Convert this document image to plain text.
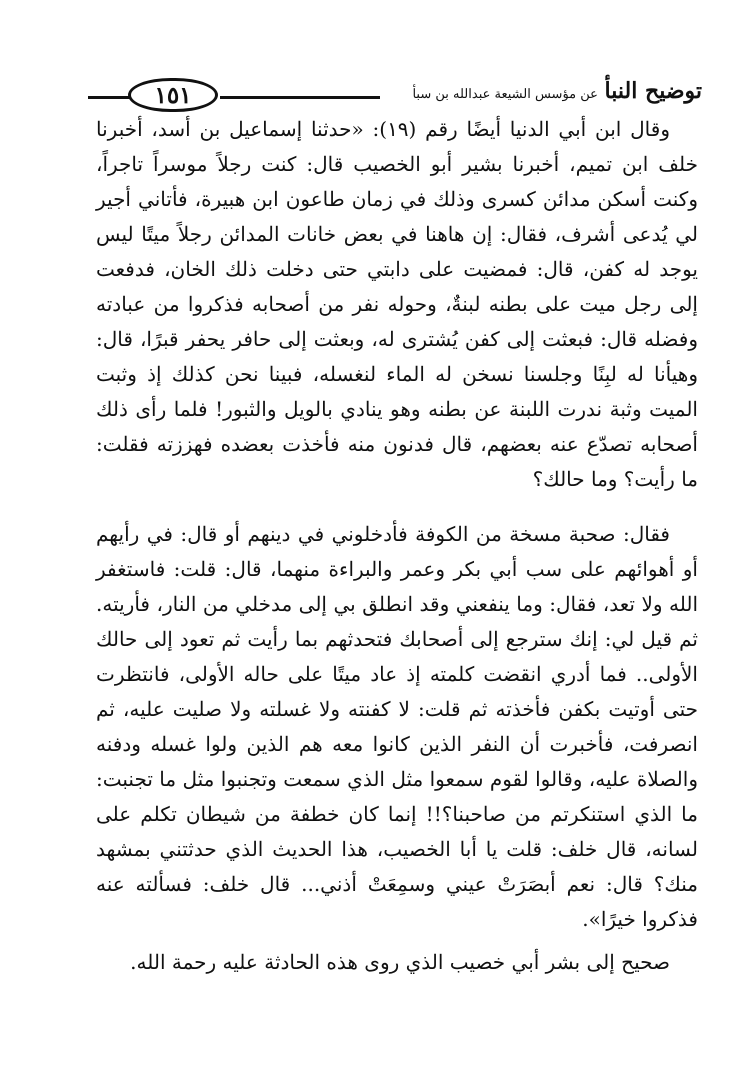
١٥١	توضيح النبأ عن مؤسس الشيعة عبدالله بن سبأ

وقال ابن أبي الدنيا أيضًا رقم (١٩): «حدثنا إسماعيل بن أسد، أخبرنا خلف ابن تميم، أخبرنا بشير أبو الخصيب قال: كنت رجلاً موسراً تاجراً، وكنت أسكن مدائن كسرى وذلك في زمان طاعون ابن هبيرة، فأتاني أجير لي يُدعى أشرف، فقال: إن هاهنا في بعض خانات المدائن رجلاً ميتًا ليس يوجد له كفن، قال: فمضيت على دابتي حتى دخلت ذلك الخان، فدفعت إلى رجل ميت على بطنه لبنةٌ، وحوله نفر من أصحابه فذكروا من عبادته وفضله قال: فبعثت إلى كفن يُشترى له، وبعثت إلى حافر يحفر قبرًا، قال: وهيأنا له لبِنًا وجلسنا نسخن له الماء لنغسله، فبينا نحن كذلك إذ وثبت الميت وثبة ندرت اللبنة عن بطنه وهو ينادي بالويل والثبور! فلما رأى ذلك أصحابه تصدّع عنه بعضهم، قال فدنون منه فأخذت بعضده فهززته فقلت: ما رأيت؟ وما حالك؟

فقال: صحبة مسخة من الكوفة فأدخلوني في دينهم أو قال: في رأيهم أو أهوائهم على سب أبي بكر وعمر والبراءة منهما، قال: قلت: فاستغفر الله ولا تعد، فقال: وما ينفعني وقد انطلق بي إلى مدخلي من النار، فأريته. ثم قيل لي: إنك سترجع إلى أصحابك فتحدثهم بما رأيت ثم تعود إلى حالك الأولى.. فما أدري انقضت كلمته إذ عاد ميتًا على حاله الأولى، فانتظرت حتى أوتيت بكفن فأخذته ثم قلت: لا كفنته ولا غسلته ولا صليت عليه، ثم انصرفت، فأخبرت أن النفر الذين كانوا معه هم الذين ولوا غسله ودفنه والصلاة عليه، وقالوا لقوم سمعوا مثل الذي سمعت وتجنبوا مثل ما تجنبت: ما الذي استنكرتم من صاحبنا؟!! إنما كان خطفة من شيطان تكلم على لسانه، قال خلف: قلت يا أبا الخصيب، هذا الحديث الذي حدثتني بمشهد منك؟ قال: نعم أبصَرَتْ عيني وسمِعَتْ أذني... قال خلف: فسألته عنه فذكروا خيرًا».

صحيح إلى بشر أبي خصيب الذي روى هذه الحادثة عليه رحمة الله.
